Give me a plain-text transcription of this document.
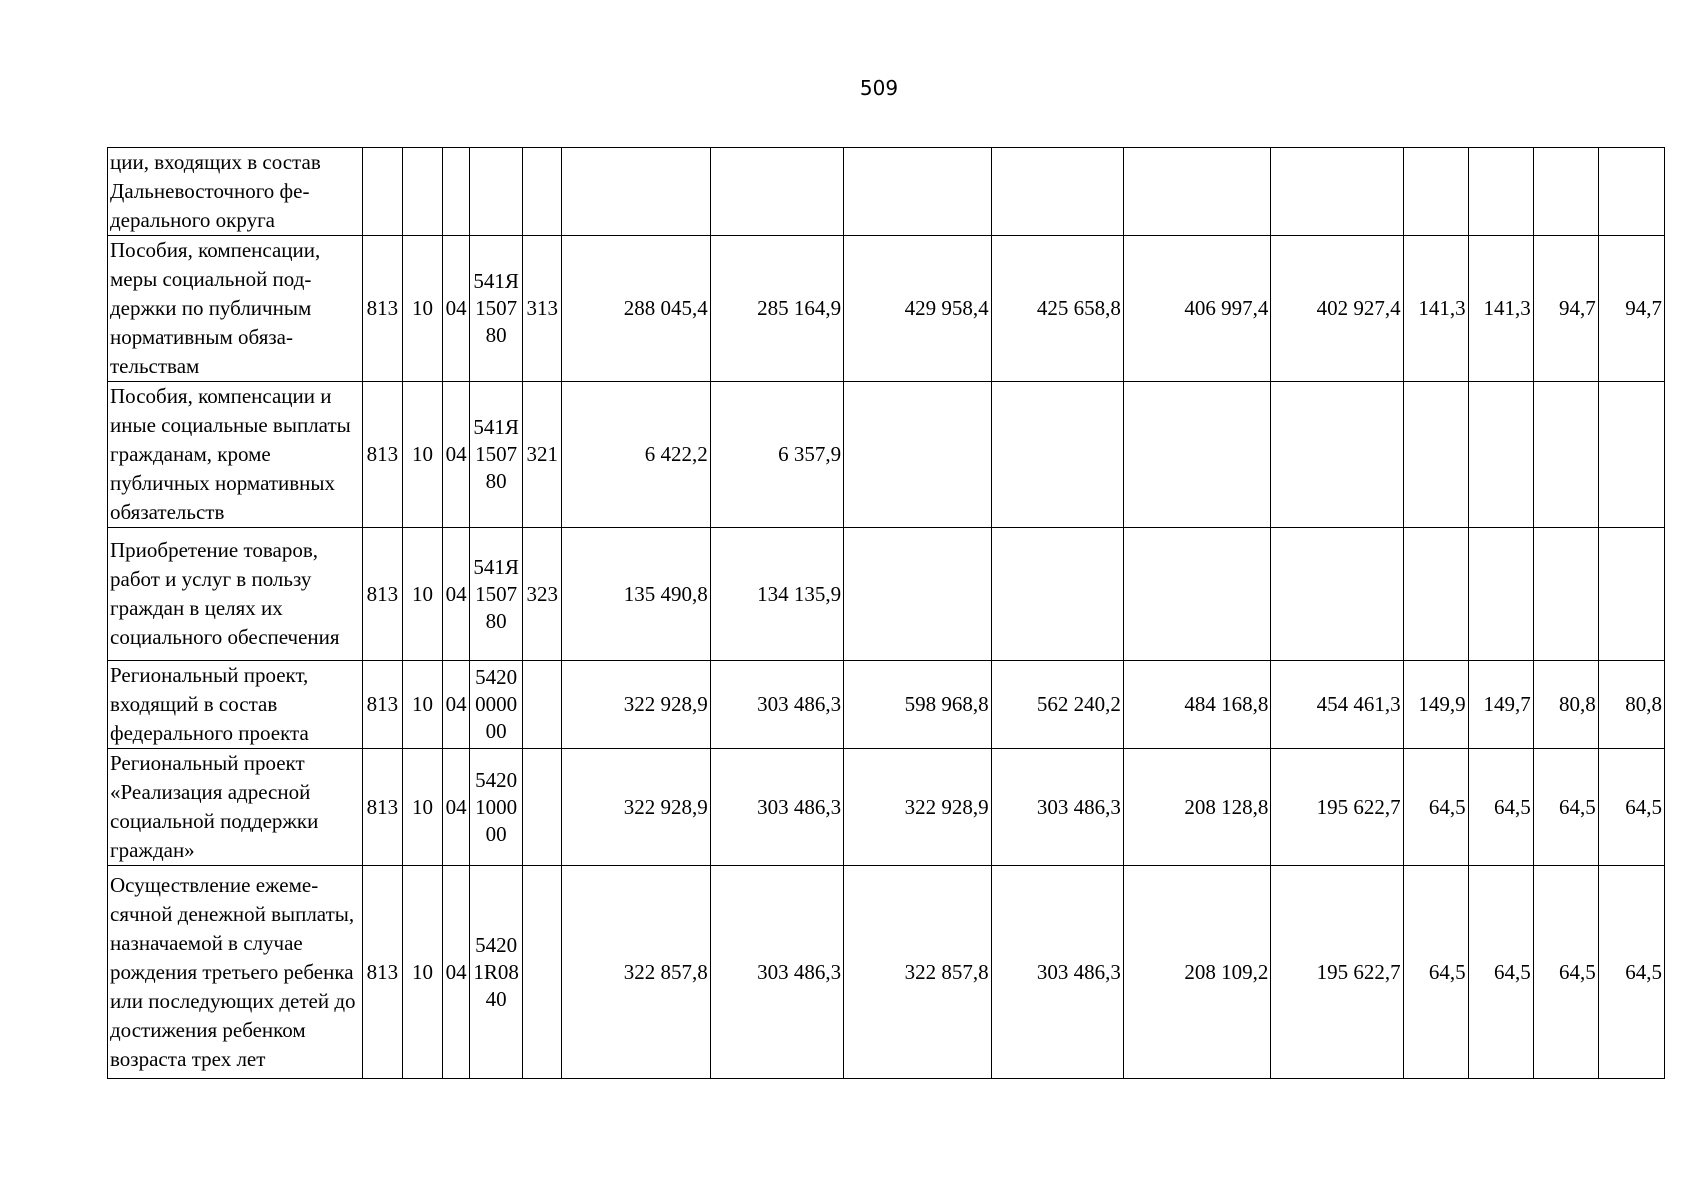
509
ции, входящих в состав Дальневосточного федерального округа															
Пособия, компенсации, меры социальной поддержки по публичным нормативным обязательствам	813	10	04	541Я 1507 80	313	288 045,4	285 164,9	429 958,4	425 658,8	406 997,4	402 927,4	141,3	141,3	94,7	94,7
Пособия, компенсации и иные социальные выплаты гражданам, кроме публичных нормативных обязательств	813	10	04	541Я 1507 80	321	6 422,2	6 357,9								
Приобретение товаров, работ и услуг в пользу граждан в целях их социального обеспечения	813	10	04	541Я 1507 80	323	135 490,8	134 135,9								
Региональный проект, входящий в состав федерального проекта	813	10	04	5420 0000 00		322 928,9	303 486,3	598 968,8	562 240,2	484 168,8	454 461,3	149,9	149,7	80,8	80,8
Региональный проект «Реализация адресной социальной поддержки граждан»	813	10	04	5420 1000 00		322 928,9	303 486,3	322 928,9	303 486,3	208 128,8	195 622,7	64,5	64,5	64,5	64,5
Осуществление ежемесячной денежной выплаты, назначаемой в случае рождения третьего ребенка или последующих детей до достижения ребенком возраста трех лет	813	10	04	5420 1R08 40		322 857,8	303 486,3	322 857,8	303 486,3	208 109,2	195 622,7	64,5	64,5	64,5	64,5
